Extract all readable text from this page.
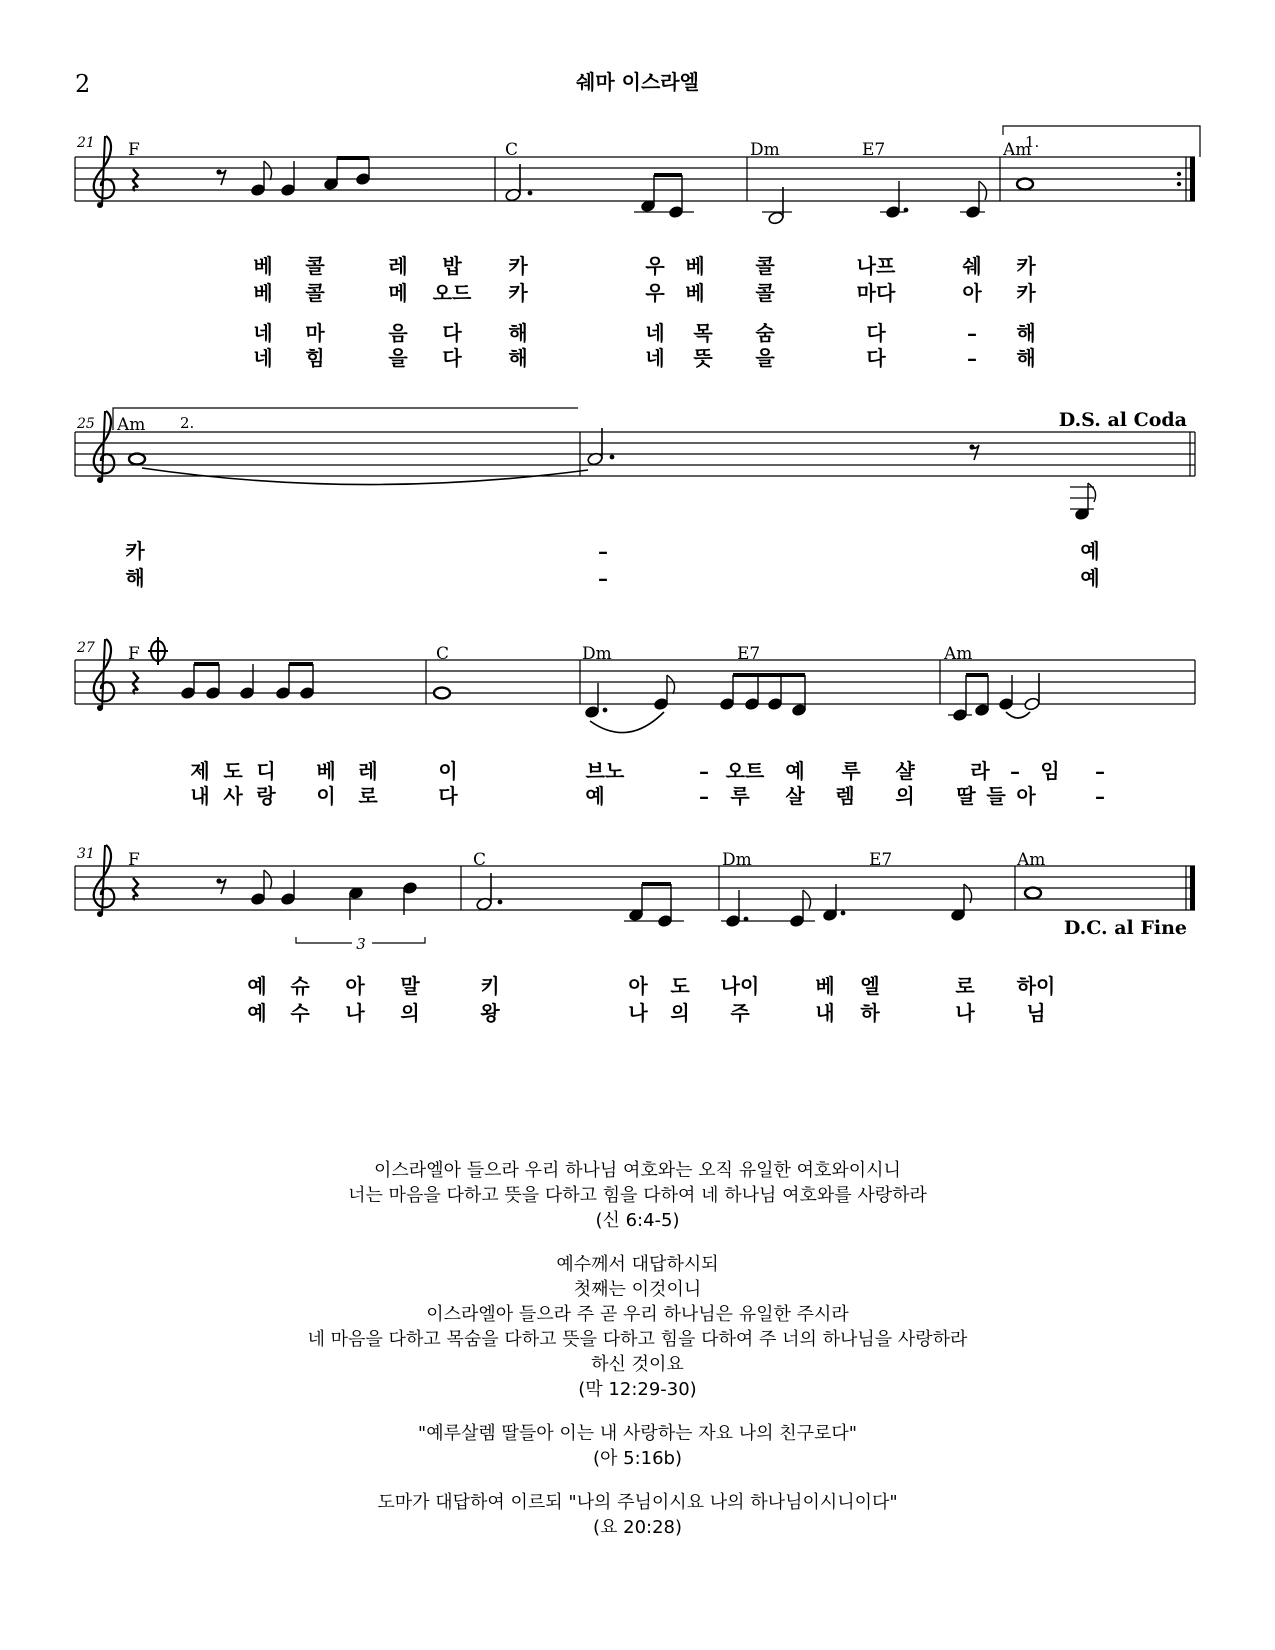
2	쉐마 이스라엘
21 F	C	Dm	E7	Am
1.
25 Am 2.	D.S. al Coda
27 F	C	Dm	E7	Am
31 F	C	Dm	E7	Am
3
D.C. al Fine
베 콜	레 밥 카	우 베	콜	나프	쉐 카
베 콜	메 오드 카	우 베	콜	마다	아 카
네 마	음 다 해	네 목 숨	다	– 해
네 힘	을 다 해	네 뜻 을	다	– 해
카	–	예
해	–	예
제 도 디 베 레	이	브노	– 오트 예 루 샬	라 – 임 –
내 사 랑 이 로	다	예	– 루 살 렘 의 딸 들 아	–
예 슈 아 말	키	아 도 나이	베 엘	로 하이
예 수 나 의	왕	나 의 주	내 하	나	님
이스라엘아 들으라 우리 하나님 여호와는 오직 유일한 여호와이시니
너는 마음을 다하고 뜻을 다하고 힘을 다하여 네 하나님 여호와를 사랑하라
(신 6:4-5)
예수께서 대답하시되
첫째는 이것이니
이스라엘아 들으라 주 곧 우리 하나님은 유일한 주시라
네 마음을 다하고 목숨을 다하고 뜻을 다하고 힘을 다하여 주 너의 하나님을 사랑하라
하신 것이요
(막 12:29-30)
"예루살렘 딸들아 이는 내 사랑하는 자요 나의 친구로다"
(아 5:16b)
도마가 대답하여 이르되 "나의 주님이시요 나의 하나님이시니이다"
(요 20:28)
